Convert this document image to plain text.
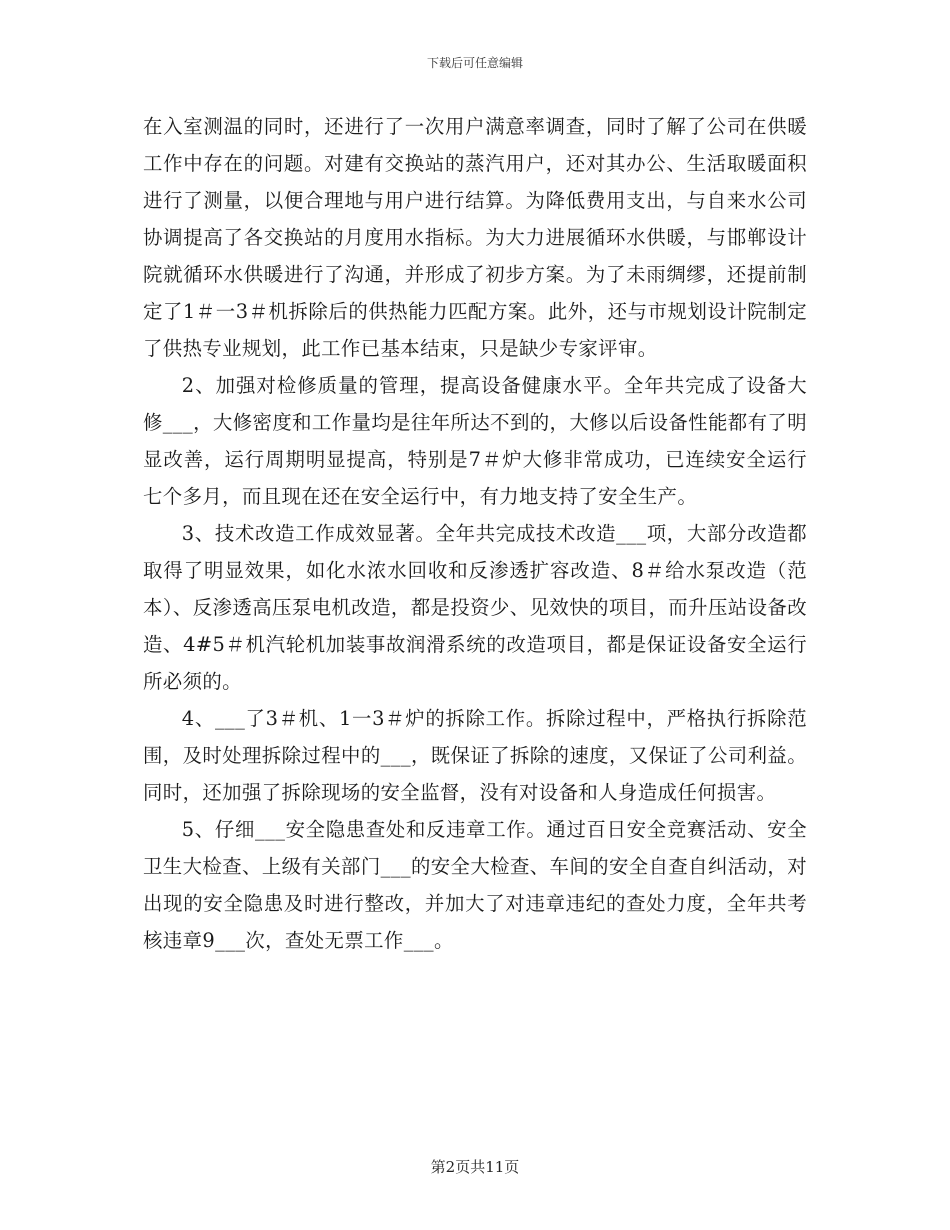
下载后可任意编辑

在入室测温的同时，还进行了一次用户满意率调查，同时了解了公司在供暖工作中存在的问题。对建有交换站的蒸汽用户，还对其办公、生活取暖面积进行了测量，以便合理地与用户进行结算。为降低费用支出，与自来水公司协调提高了各交换站的月度用水指标。为大力进展循环水供暖，与邯郸设计院就循环水供暖进行了沟通，并形成了初步方案。为了未雨绸缪，还提前制定了1＃一3＃机拆除后的供热能力匹配方案。此外，还与市规划设计院制定了供热专业规划，此工作已基本结束，只是缺少专家评审。

2、加强对检修质量的管理，提高设备健康水平。全年共完成了设备大修___，大修密度和工作量均是往年所达不到的，大修以后设备性能都有了明显改善，运行周期明显提高，特别是7＃炉大修非常成功，已连续安全运行七个多月，而且现在还在安全运行中，有力地支持了安全生产。

3、技术改造工作成效显著。全年共完成技术改造___项，大部分改造都取得了明显效果，如化水浓水回收和反渗透扩容改造、8＃给水泵改造（范本）、反渗透高压泵电机改造，都是投资少、见效快的项目，而升压站设备改造、4#5＃机汽轮机加装事故润滑系统的改造项目，都是保证设备安全运行所必须的。

4、___了3＃机、1一3＃炉的拆除工作。拆除过程中，严格执行拆除范围，及时处理拆除过程中的___，既保证了拆除的速度，又保证了公司利益。同时，还加强了拆除现场的安全监督，没有对设备和人身造成任何损害。

5、仔细___安全隐患查处和反违章工作。通过百日安全竞赛活动、安全卫生大检查、上级有关部门___的安全大检查、车间的安全自查自纠活动，对出现的安全隐患及时进行整改，并加大了对违章违纪的查处力度，全年共考核违章9___次，查处无票工作___。

第2页共11页
